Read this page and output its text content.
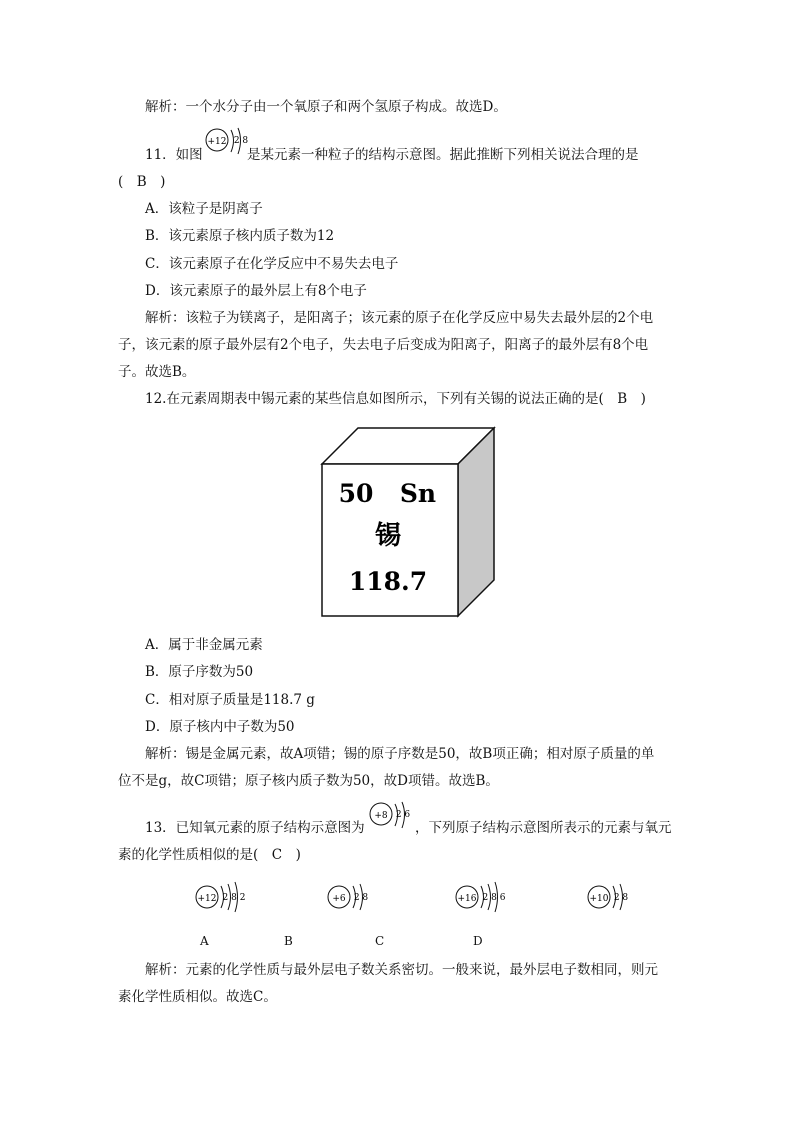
解析：一个水分子由一个氧原子和两个氢原子构成。故选D。
11．如图
+12 2 8
是某元素一种粒子的结构示意图。据此推断下列相关说法合理的是
(　B　)
A．该粒子是阴离子
B．该元素原子核内质子数为12
C．该元素原子在化学反应中不易失去电子
D．该元素原子的最外层上有8个电子
解析：该粒子为镁离子，是阳离子；该元素的原子在化学反应中易失去最外层的2个电
子，该元素的原子最外层有2个电子，失去电子后变成为阳离子，阳离子的最外层有8个电
子。故选B。
12.在元素周期表中锡元素的某些信息如图所示，下列有关锡的说法正确的是(　B　)
50 Sn
锡
118.7
A．属于非金属元素
B．原子序数为50
C．相对原子质量是118.7 g
D．原子核内中子数为50
解析：锡是金属元素，故A项错；锡的原子序数是50，故B项正确；相对原子质量的单
位不是g，故C项错；原子核内质子数为50，故D项错。故选B。
13．已知氧元素的原子结构示意图为
+8 2 6
，下列原子结构示意图所表示的元素与氧元
素的化学性质相似的是(　C　)
+12 2 8 2	+6 2 8	+16 2 8 6	+10 2 8
A	B	C	D
解析：元素的化学性质与最外层电子数关系密切。一般来说，最外层电子数相同，则元
素化学性质相似。故选C。
